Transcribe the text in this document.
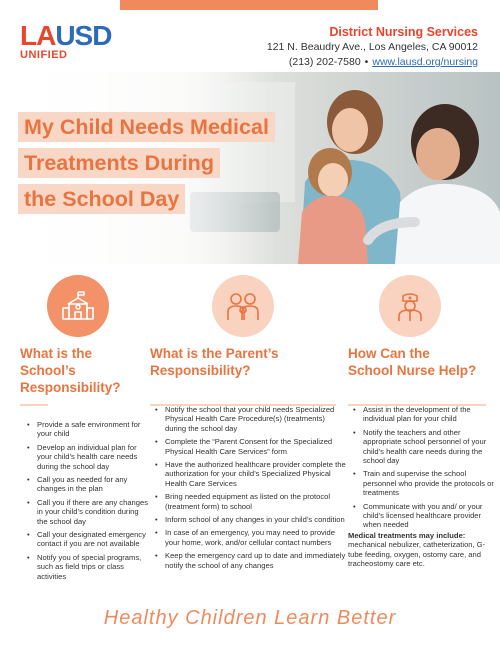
LAUSD
UNIFIED
District Nursing Services
121 N. Beaudry Ave., Los Angeles, CA 90012
(213) 202-7580 • www.lausd.org/nursing
My Child Needs Medical
Treatments During
the School Day
What is the
School’s
Responsibility?
What is the Parent’s
Responsibility?
How Can the
School Nurse Help?
• Provide a safe environment for your child
• Develop an individual plan for your child’s health care needs during the school day
• Call you as needed for any changes in the plan
• Call you if there are any changes in your child’s condition during the school day
• Call your designated emergency contact if you are not available
• Notify you of special programs, such as field trips or class activities
• Notify the school that your child needs Specialized Physical Health Care Procedure(s) (treatments) during the school day
• Complete the “Parent Consent for the Specialized Physical Health Care Services” form
• Have the authorized healthcare provider complete the authorization for your child’s Specialized Physical Health Care Services
• Bring needed equipment as listed on the protocol (treatment form) to school
• Inform school of any changes in your child’s condition
• In case of an emergency, you may need to provide your home, work, and/or cellular contact numbers
• Keep the emergency card up to date and immediately notify the school of any changes
• Assist in the development of the individual plan for your child
• Notify the teachers and other appropriate school personnel of your child’s health care needs during the school day
• Train and supervise the school personnel who provide the protocols or treatments
• Communicate with you and/ or your child’s licensed healthcare provider when needed
Medical treatments may include:
mechanical nebulizer, catheterization, G-tube feeding, oxygen, ostomy care, and tracheostomy care etc.
Healthy Children Learn Better
